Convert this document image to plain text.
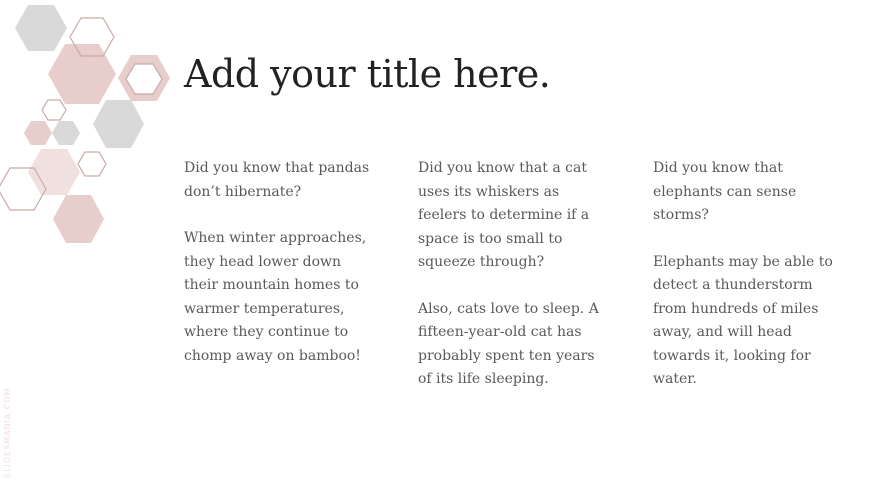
Add your title here.

Did you know that pandas don’t hibernate?

When winter approaches, they head lower down their mountain homes to warmer temperatures, where they continue to chomp away on bamboo!

Did you know that a cat uses its whiskers as feelers to determine if a space is too small to squeeze through?

Also, cats love to sleep. A fifteen-year-old cat has probably spent ten years of its life sleeping.

Did you know that elephants can sense storms?

Elephants may be able to detect a thunderstorm from hundreds of miles away, and will head towards it, looking for water.

SLIDESMANIA.COM
